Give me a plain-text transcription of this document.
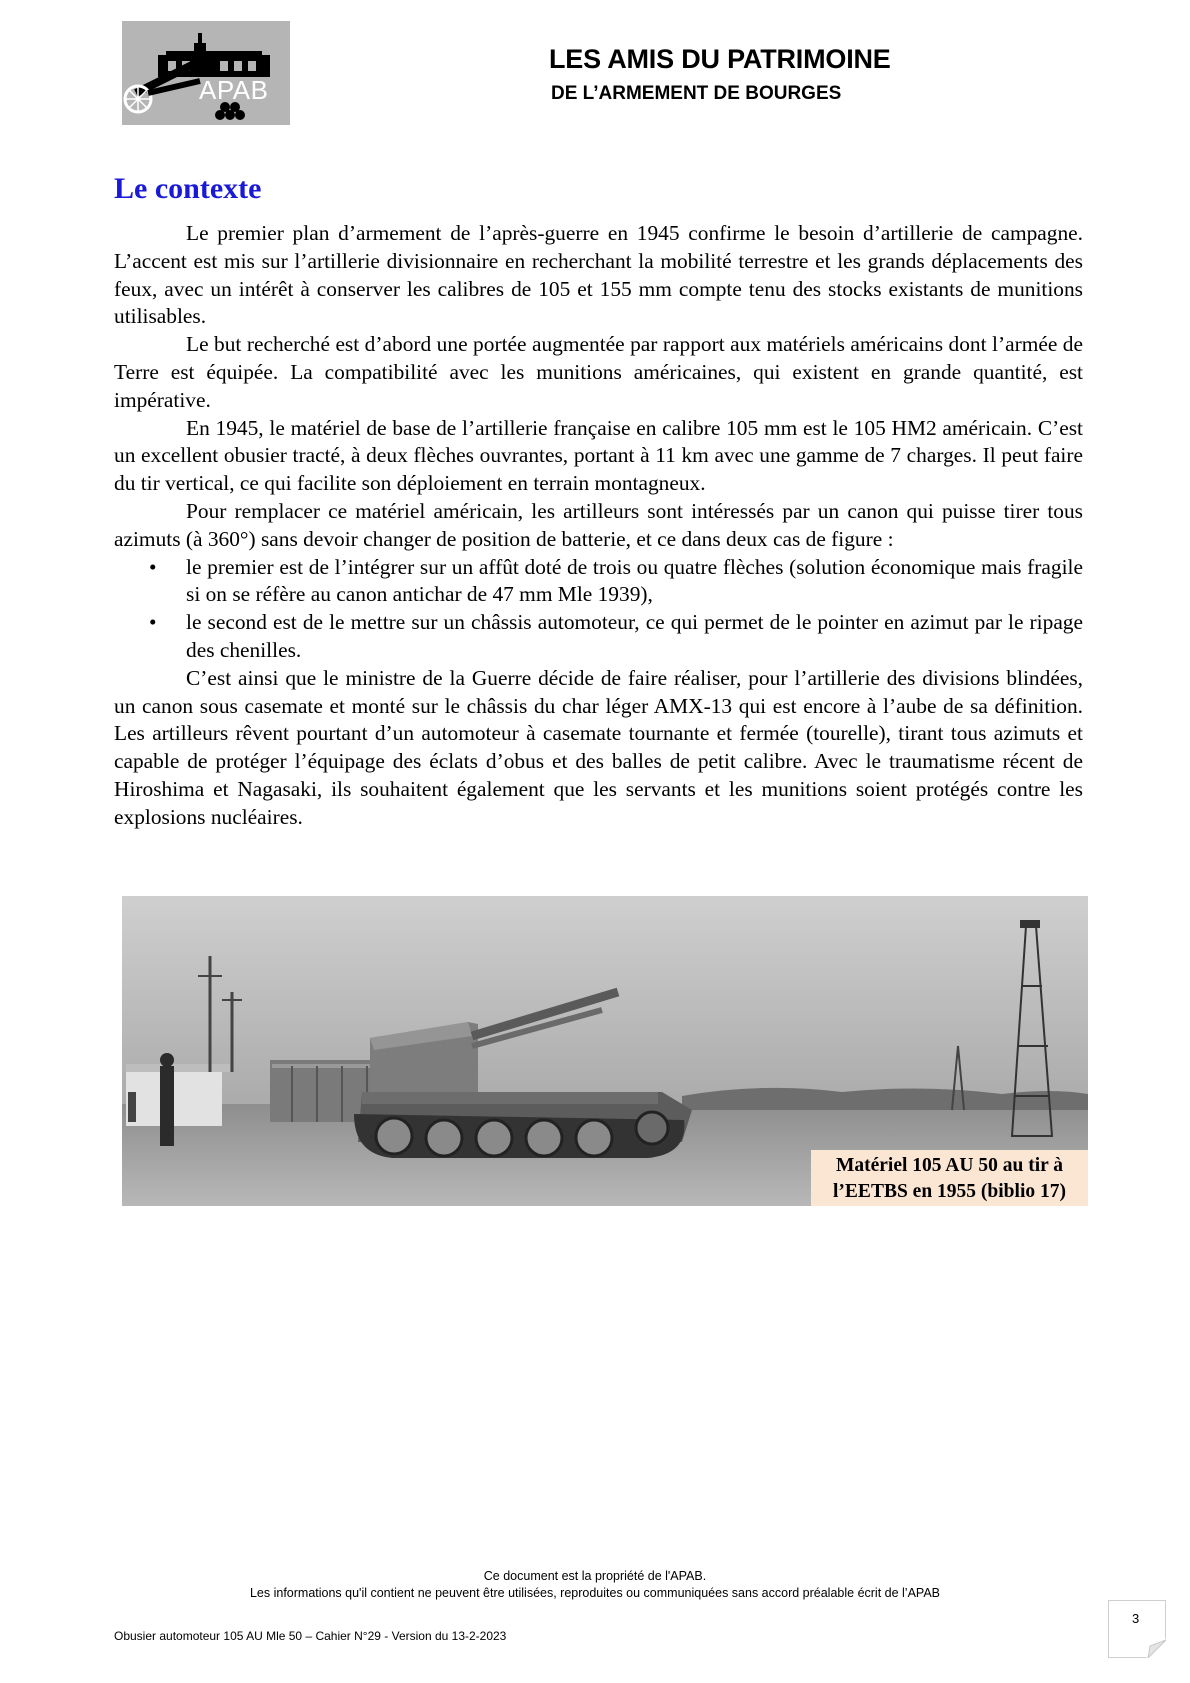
APAB
LES AMIS DU PATRIMOINE
DE L’ARMEMENT DE BOURGES
Le contexte

Le premier plan d’armement de l’après-guerre en 1945 confirme le besoin d’artillerie de campagne. L’accent est mis sur l’artillerie divisionnaire en recherchant la mobilité terrestre et les grands déplacements des feux, avec un intérêt à conserver les calibres de 105 et 155 mm compte tenu des stocks existants de munitions utilisables.

Le but recherché est d’abord une portée augmentée par rapport aux matériels américains dont l’armée de Terre est équipée. La compatibilité avec les munitions américaines, qui existent en grande quantité, est impérative.

En 1945, le matériel de base de l’artillerie française en calibre 105 mm est le 105 HM2 américain. C’est un excellent obusier tracté, à deux flèches ouvrantes, portant à 11 km avec une gamme de 7 charges. Il peut faire du tir vertical, ce qui facilite son déploiement en terrain montagneux.

Pour remplacer ce matériel américain, les artilleurs sont intéressés par un canon qui puisse tirer tous azimuts (à 360°) sans devoir changer de position de batterie, et ce dans deux cas de figure :

• le premier est de l’intégrer sur un affût doté de trois ou quatre flèches (solution économique mais fragile si on se réfère au canon antichar de 47 mm Mle 1939),
• le second est de le mettre sur un châssis automoteur, ce qui permet de le pointer en azimut par le ripage des chenilles.

C’est ainsi que le ministre de la Guerre décide de faire réaliser, pour l’artillerie des divisions blindées, un canon sous casemate et monté sur le châssis du char léger AMX-13 qui est encore à l’aube de sa définition. Les artilleurs rêvent pourtant d’un automoteur à casemate tournante et fermée (tourelle), tirant tous azimuts et capable de protéger l’équipage des éclats d’obus et des balles de petit calibre. Avec le traumatisme récent de Hiroshima et Nagasaki, ils souhaitent également que les servants et les munitions soient protégés contre les explosions nucléaires.

Matériel 105 AU 50 au tir à
l’EETBS en 1955 (biblio 17)
Ce document est la propriété de l'APAB.
Les informations qu'il contient ne peuvent être utilisées, reproduites ou communiquées sans accord préalable écrit de l’APAB
Obusier automoteur 105 AU Mle 50 – Cahier N°29 - Version du 13-2-2023
3
